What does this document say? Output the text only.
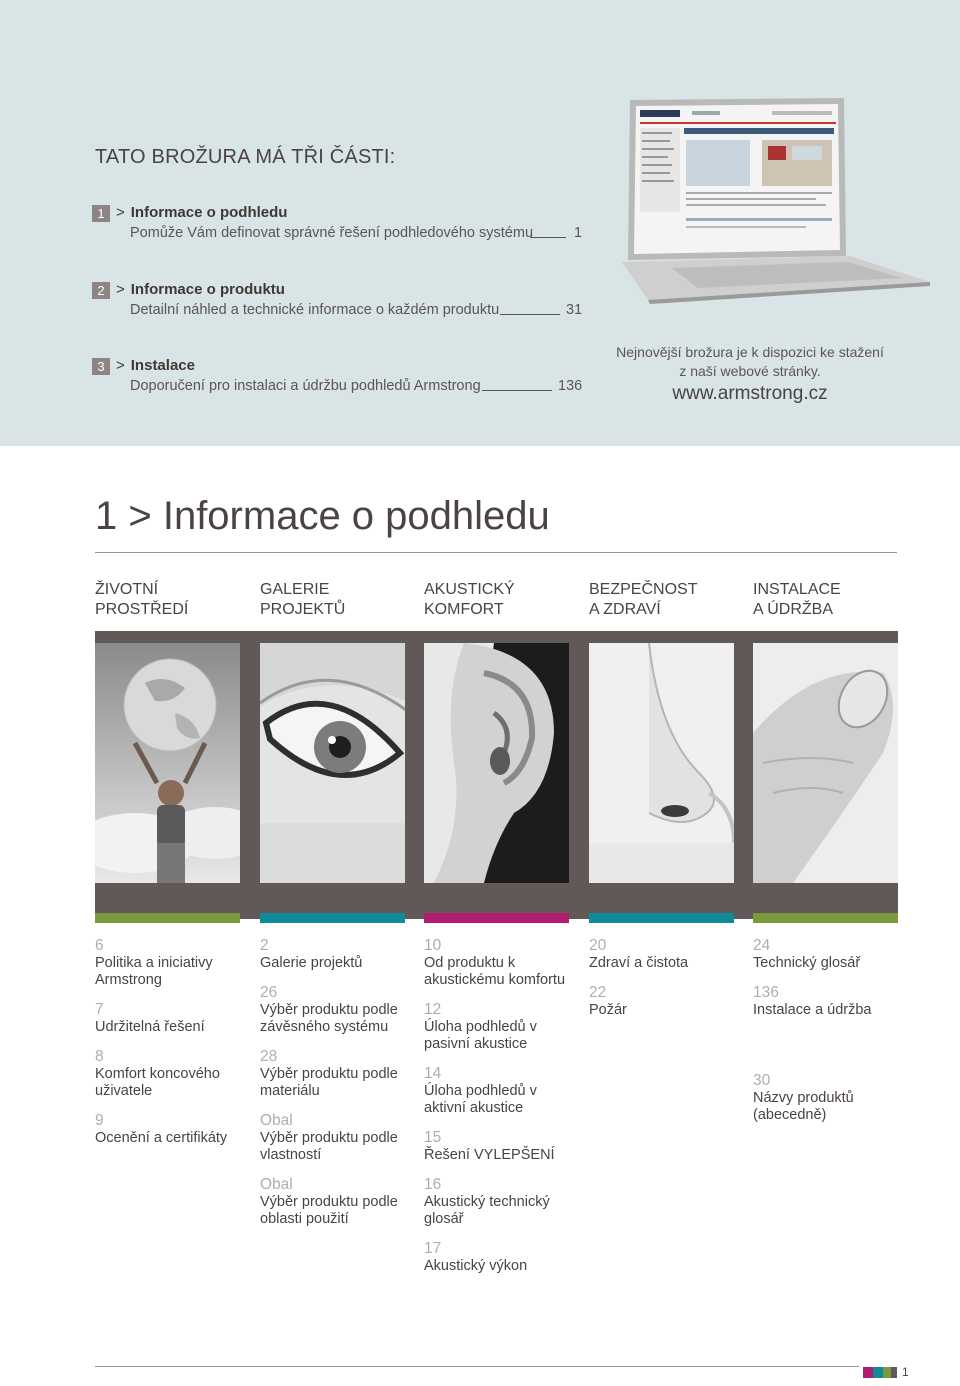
TATO BROŽURA MÁ TŘI ČÁSTI:
1 > Informace o podhledu
Pomůže Vám definovat správné řešení podhledového systému	1
2 > Informace o produktu
Detailní náhled a technické informace o každém produktu	31
3 > Instalace
Doporučení pro instalaci a údržbu podhledů Armstrong	136
Nejnovější brožura je k dispozici ke stažení
z naší webové stránky.
www.armstrong.cz
1 > Informace o podhledu
ŽIVOTNÍ
PROSTŘEDÍ
GALERIE
PROJEKTŮ
AKUSTICKÝ
KOMFORT
BEZPEČNOST
A ZDRAVÍ
INSTALACE
A ÚDRŽBA
6
Politika a iniciativy Armstrong
7
Udržitelná řešení
8
Komfort koncového uživatele
9
Ocenění a certifikáty
2
Galerie projektů
26
Výběr produktu podle závěsného systému
28
Výběr produktu podle materiálu
Obal
Výběr produktu podle vlastností
Obal
Výběr produktu podle oblasti použití
10
Od produktu k akustickému komfortu
12
Úloha podhledů v pasivní akustice
14
Úloha podhledů v aktivní akustice
15
Řešení VYLEPŠENÍ
16
Akustický technický glosář
17
Akustický výkon
20
Zdraví a čistota
22
Požár
24
Technický glosář
136
Instalace a údržba
30
Názvy produktů (abecedně)
1
